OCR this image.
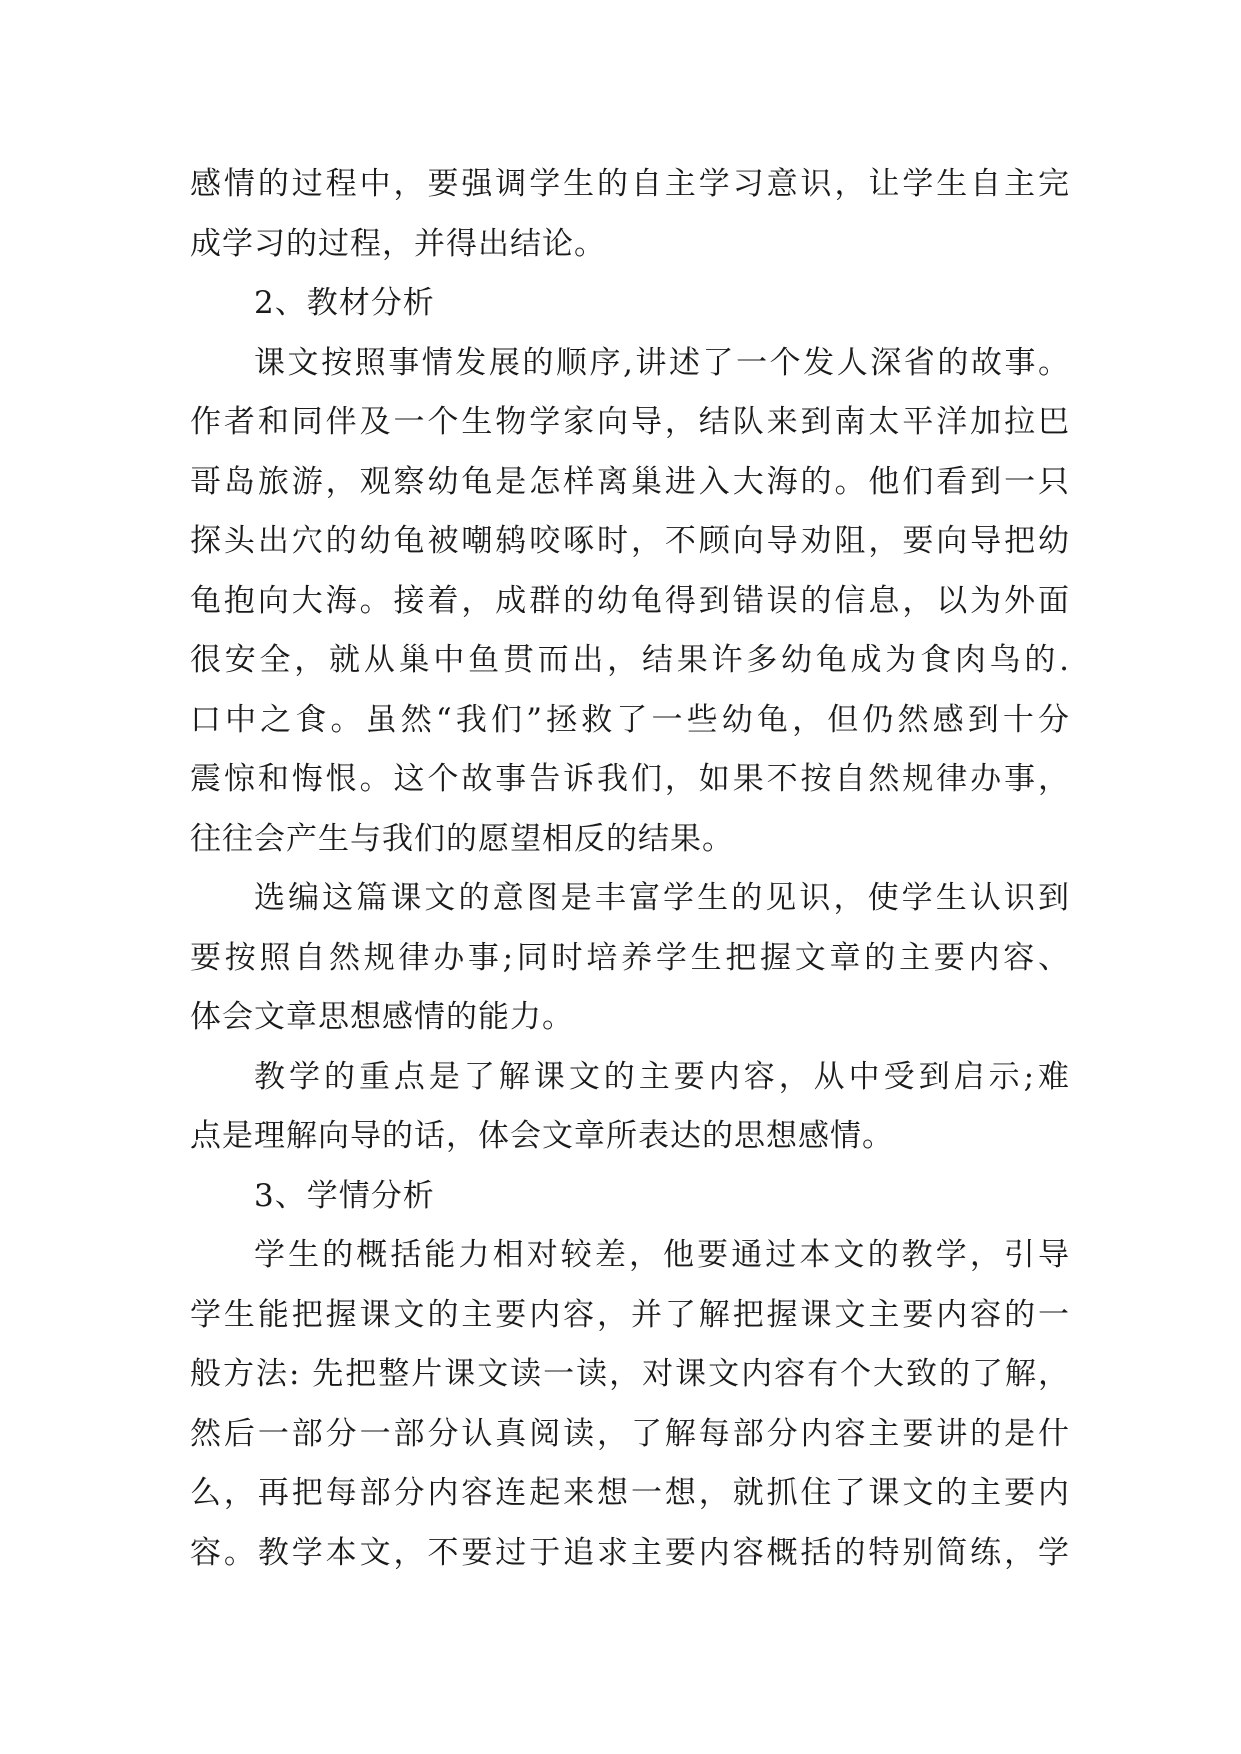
感情的过程中，要强调学生的自主学习意识，让学生自主完
成学习的过程，并得出结论。
2、教材分析
课文按照事情发展的顺序,讲述了一个发人深省的故事。
作者和同伴及一个生物学家向导，结队来到南太平洋加拉巴
哥岛旅游，观察幼龟是怎样离巢进入大海的。他们看到一只
探头出穴的幼龟被嘲鸫咬啄时，不顾向导劝阻，要向导把幼
龟抱向大海。接着，成群的幼龟得到错误的信息，以为外面
很安全，就从巢中鱼贯而出，结果许多幼龟成为食肉鸟的.
口中之食。虽然“我们”拯救了一些幼龟，但仍然感到十分
震惊和悔恨。这个故事告诉我们，如果不按自然规律办事，
往往会产生与我们的愿望相反的结果。
选编这篇课文的意图是丰富学生的见识，使学生认识到
要按照自然规律办事;同时培养学生把握文章的主要内容、
体会文章思想感情的能力。
教学的重点是了解课文的主要内容，从中受到启示;难
点是理解向导的话，体会文章所表达的思想感情。
3、学情分析
学生的概括能力相对较差，他要通过本文的教学，引导
学生能把握课文的主要内容，并了解把握课文主要内容的一
般方法: 先把整片课文读一读，对课文内容有个大致的了解，
然后一部分一部分认真阅读，了解每部分内容主要讲的是什
么，再把每部分内容连起来想一想，就抓住了课文的主要内
容。教学本文，不要过于追求主要内容概括的特别简练，学
